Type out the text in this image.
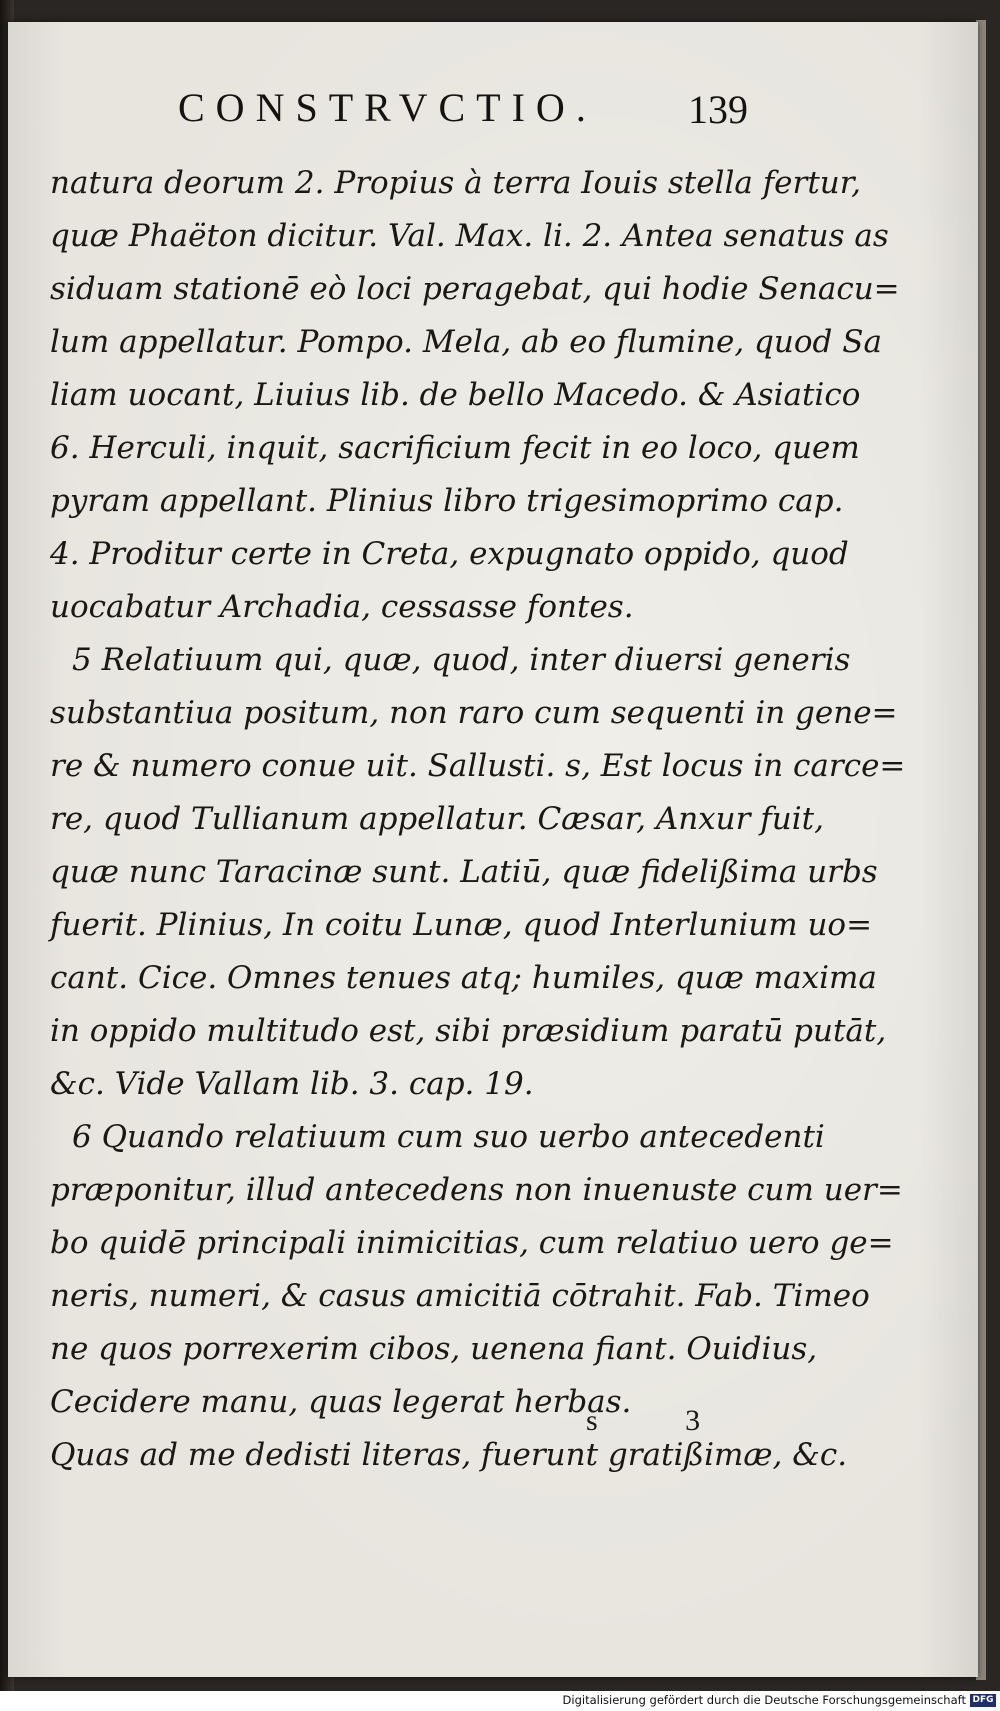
CONSTRVCTIO. 139
natura deorum 2. Propius à terra Iouis stella fertur,
quæ Phaëton dicitur. Val. Max. li. 2. Antea senatus as
siduam stationē eò loci peragebat, qui hodie Senacu=
lum appellatur. Pompo. Mela, ab eo flumine, quod Sa
liam uocant, Liuius lib. de bello Macedo. & Asiatico
6. Herculi, inquit, sacrificium fecit in eo loco, quem
pyram appellant. Plinius libro trigesimoprimo cap.
4. Proditur certe in Creta, expugnato oppido, quod
uocabatur Archadia, cessasse fontes.
5 Relatiuum qui, quæ, quod, inter diuersi generis
substantiua positum, non raro cum sequenti in gene=
re & numero conue uit. Sallusti. s, Est locus in carce=
re, quod Tullianum appellatur. Cæsar, Anxur fuit,
quæ nunc Taracinæ sunt. Latiū, quæ fidelißima urbs
fuerit. Plinius, In coitu Lunæ, quod Interlunium uo=
cant. Cice. Omnes tenues atq; humiles, quæ maxima
in oppido multitudo est, sibi præsidium paratū putāt,
&c. Vide Vallam lib. 3. cap. 19.
6 Quando relatiuum cum suo uerbo antecedenti
præponitur, illud antecedens non inuenuste cum uer=
bo quidē principali inimicitias, cum relatiuo uero ge=
neris, numeri, & casus amicitiā cōtrahit. Fab. Timeo
ne quos porrexerim cibos, uenena fiant. Ouidius,
Cecidere manu, quas legerat herbas.
Quas ad me dedisti literas, fuerunt gratißimæ, &c.
s 3
Digitalisierung gefördert durch die Deutsche Forschungsgemeinschaft DFG
